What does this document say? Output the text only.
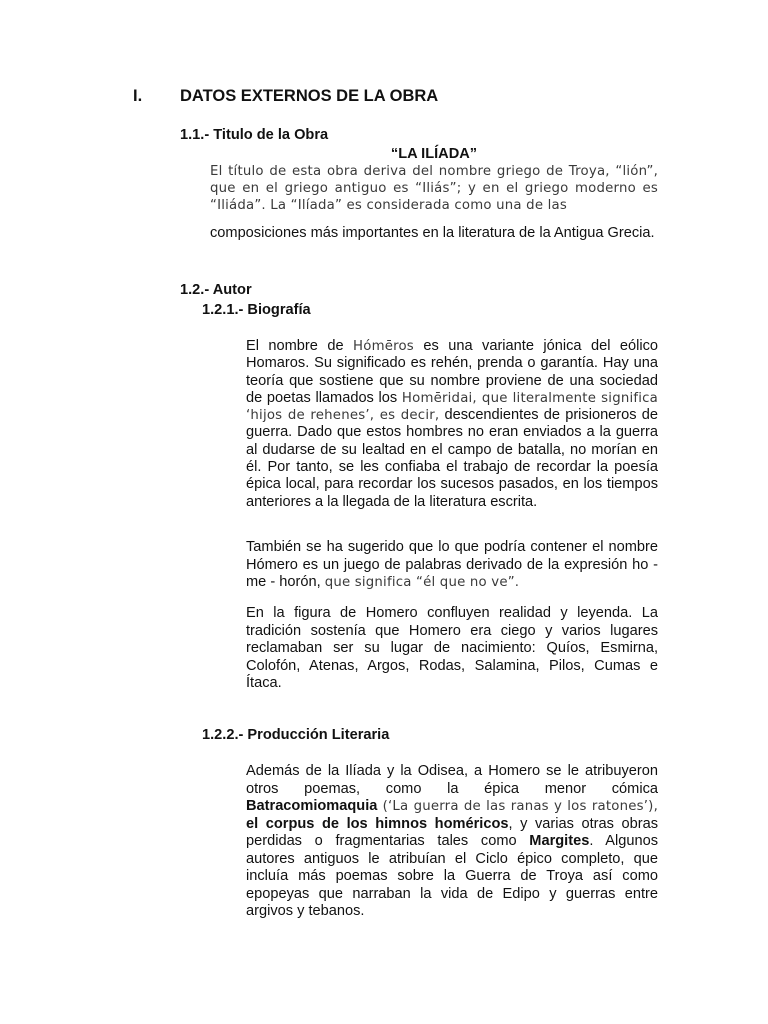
I. DATOS EXTERNOS DE LA OBRA
1.1.- Titulo de la Obra
“LA ILÍADA”

El título de esta obra deriva del nombre griego de Troya, “lión”, que en el griego antiguo es “Iliás”; y en el griego moderno es “Iliáda”. La “Ilíada” es considerada como una de las

composiciones más importantes en la literatura de la Antigua Grecia.

1.2.- Autor
1.2.1.- Biografía

El nombre de Hómēros es una variante jónica del eólico Homaros. Su significado es rehén, prenda o garantía. Hay una teoría que sostiene que su nombre proviene de una sociedad de poetas llamados los Homēridai, que literalmente significa ‘hijos de rehenes’, es decir, descendientes de prisioneros de guerra. Dado que estos hombres no eran enviados a la guerra al dudarse de su lealtad en el campo de batalla, no morían en él. Por tanto, se les confiaba el trabajo de recordar la poesía épica local, para recordar los sucesos pasados, en los tiempos anteriores a la llegada de la literatura escrita.

También se ha sugerido que lo que podría contener el nombre Hómero es un juego de palabras derivado de la expresión ho - me - horón, que significa “él que no ve”.

En la figura de Homero confluyen realidad y leyenda. La tradición sostenía que Homero era ciego y varios lugares reclamaban ser su lugar de nacimiento: Quíos, Esmirna, Colofón, Atenas, Argos, Rodas, Salamina, Pilos, Cumas e Ítaca.

1.2.2.- Producción Literaria

Además de la Ilíada y la Odisea, a Homero se le atribuyeron otros poemas, como la épica menor cómica Batracomiomaquia (‘La guerra de las ranas y los ratones’), el corpus de los himnos homéricos, y varias otras obras perdidas o fragmentarias tales como Margites. Algunos autores antiguos le atribuían el Ciclo épico completo, que incluía más poemas sobre la Guerra de Troya así como epopeyas que narraban la vida de Edipo y guerras entre argivos y tebanos.
